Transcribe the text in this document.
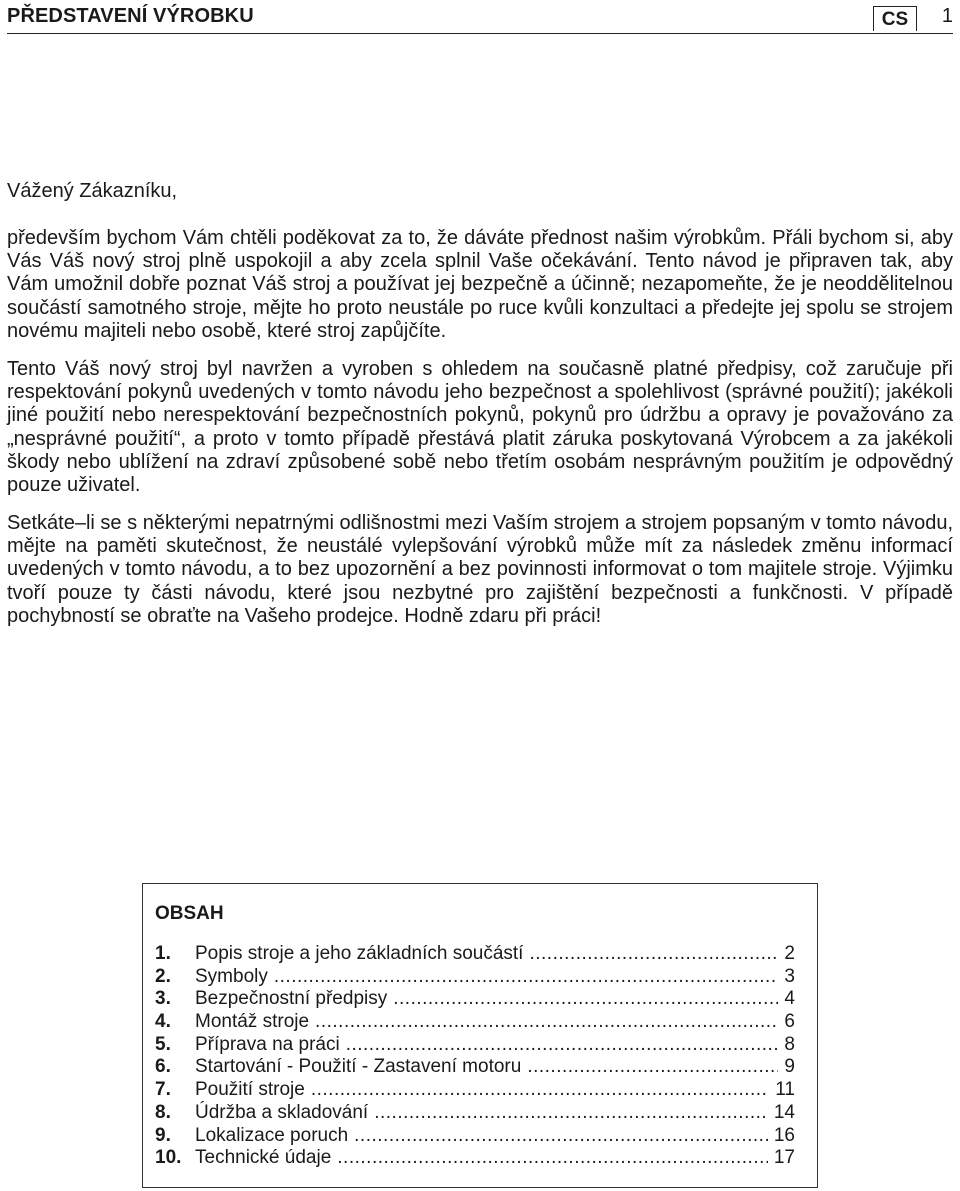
PŘEDSTAVENÍ VÝROBKU	CS	1
Vážený Zákazníku,

především bychom Vám chtěli poděkovat za to, že dáváte přednost našim výrobkům. Přáli bychom si, aby Vás Váš nový stroj plně uspokojil a aby zcela splnil Vaše očekávání. Tento návod je připraven tak, aby Vám umožnil dobře poznat Váš stroj a používat jej bezpečně a účinně; nezapomeňte, že je neoddělitelnou součástí samotného stroje, mějte ho proto neustále po ruce kvůli konzultaci a předejte jej spolu se strojem novému majiteli nebo osobě, které stroj zapůjčíte.

Tento Váš nový stroj byl navržen a vyroben s ohledem na současně platné předpisy, což zaručuje při respektování pokynů uvedených v tomto návodu jeho bezpečnost a spolehlivost (správné použití); jakékoli jiné použití nebo nerespektování bezpečnostních pokynů, pokynů pro údržbu a opravy je považováno za „nesprávné použití“, a proto v tomto případě přestává platit záruka poskytovaná Výrobcem a za jakékoli škody nebo ublížení na zdraví způsobené sobě nebo třetím osobám nesprávným použitím je odpovědný pouze uživatel.

Setkáte–li se s některými nepatrnými odlišnostmi mezi Vaším strojem a strojem popsaným v tomto návodu, mějte na paměti skutečnost, že neustálé vylepšování výrobků může mít za následek změnu informací uvedených v tomto návodu, a to bez upozornění a bez povinnosti informovat o tom majitele stroje. Výjimku tvoří pouze ty části návodu, které jsou nezbytné pro zajištění bezpečnosti a funkčnosti. V případě pochybností se obraťte na Vašeho prodejce. Hodně zdaru při práci!

OBSAH
1.	Popis stroje a jeho základních součástí .....	2
2.	Symboly .....	3
3.	Bezpečnostní předpisy .....	4
4.	Montáž stroje .....	6
5.	Příprava na práci .....	8
6.	Startování - Použití - Zastavení motoru .....	9
7.	Použití stroje .....	11
8.	Údržba a skladování .....	14
9.	Lokalizace poruch .....	16
10. Technické údaje .....	17
